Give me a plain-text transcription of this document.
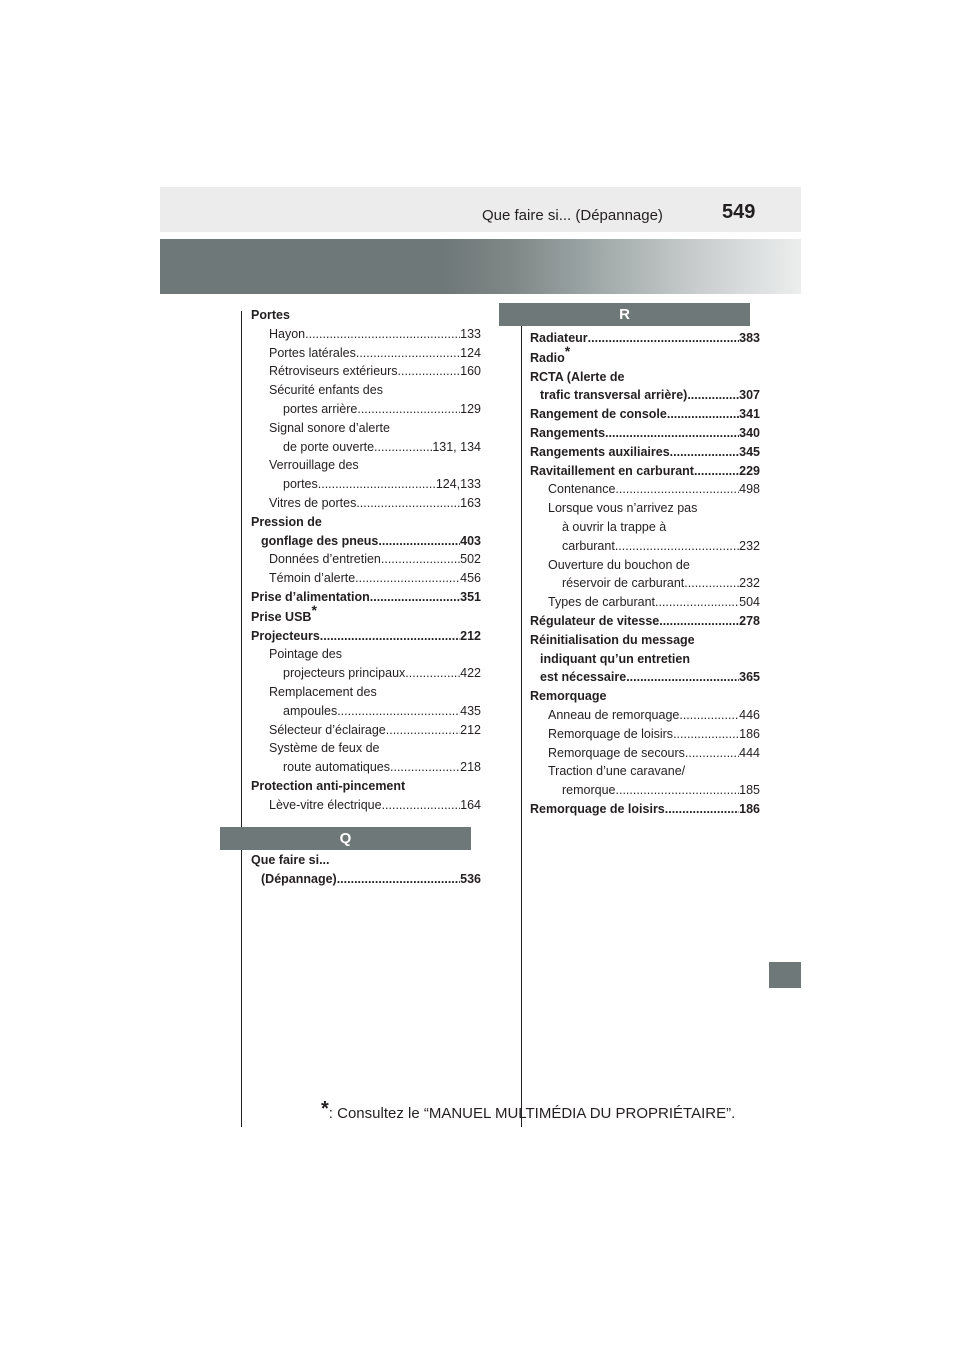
Que faire si... (Dépannage)	549
Portes
Hayon .....	133
Portes latérales .....	124
Rétroviseurs extérieurs .....	160
Sécurité enfants des
portes arrière .....	129
Signal sonore d’alerte
de porte ouverte .....	131, 134
Verrouillage des
portes .....	124,133
Vitres de portes .....	163
Pression de
gonflage des pneus .....	403
Données d’entretien .....	502
Témoin d’alerte .....	456
Prise d’alimentation .....	351
Prise USB*
Projecteurs .....	212
Pointage des
projecteurs principaux .....	422
Remplacement des
ampoules .....	435
Sélecteur d’éclairage .....	212
Système de feux de
route automatiques .....	218
Protection anti-pincement
Lève-vitre électrique .....	164
Q
Que faire si...
(Dépannage) .....	536
R
Radiateur .....	383
Radio*
RCTA (Alerte de
trafic transversal arrière) .....	307
Rangement de console .....	341
Rangements .....	340
Rangements auxiliaires .....	345
Ravitaillement en carburant .....	229
Contenance .....	498
Lorsque vous n’arrivez pas
à ouvrir la trappe à
carburant .....	232
Ouverture du bouchon de
réservoir de carburant .....	232
Types de carburant .....	504
Régulateur de vitesse .....	278
Réinitialisation du message
indiquant qu’un entretien
est nécessaire .....	365
Remorquage
Anneau de remorquage .....	446
Remorquage de loisirs .....	186
Remorquage de secours .....	444
Traction d’une caravane/
remorque .....	185
Remorquage de loisirs .....	186
*: Consultez le “MANUEL MULTIMÉDIA DU PROPRIÉTAIRE”.
